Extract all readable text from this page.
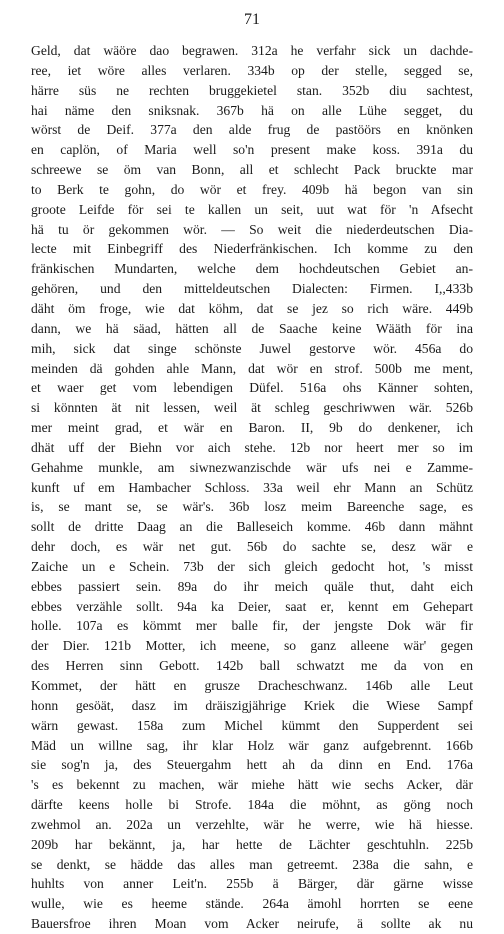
71
Geld, dat wäöre dao begrawen. 312a he verfahr sick un dachde-
ree, iet wöre alles verlaren. 334b op der stelle, segged se,
härre süs ne rechten bruggekietel stan. 352b diu sachtest,
hai näme den sniksnak. 367b hä on alle Lühe segget, du
wörst de Deif. 377a den alde frug de pastöörs en knönken
en caplön, of Maria well so'n present make koss. 391a du
schreewe se öm van Bonn, all et schlecht Pack bruckte mar
to Berk te gohn, do wör et frey. 409b hä begon van sin
groote Leifde för sei te kallen un seit, uut wat för 'n Afsecht
hä tu ör gekommen wör. — So weit die niederdeutschen Dia-
lecte mit Einbegriff des Niederfränkischen. Ich komme zu den
fränkischen Mundarten, welche dem hochdeutschen Gebiet an-
gehören, und den mitteldeutschen Dialecten: Firmen. I,,433b
däht öm froge, wie dat köhm, dat se jez so rich wäre. 449b
dann, we hä säad, hätten all de Saache keine Wääth för ina
mih, sick dat singe schönste Juwel gestorve wör. 456a do
meinden dä gohden ahle Mann, dat wör en strof. 500b me ment,
et waer get vom lebendigen Düfel. 516a ohs Känner sohten,
si könnten ät nit lessen, weil ät schleg geschriwwen wär. 526b
mer meint grad, et wär en Baron. II, 9b do denkener, ich
dhät uff der Biehn vor aich stehe. 12b nor heert mer so im
Gehahme munkle, am siwnezwanzischde wär ufs nei e Zamme-
kunft uf em Hambacher Schloss. 33a weil ehr Mann an Schütz
is, se mant se, se wär's. 36b losz meim Bareenche sage, es
sollt de dritte Daag an die Balleseich komme. 46b dann mähnt
dehr doch, es wär net gut. 56b do sachte se, desz wär e
Zaiche un e Schein. 73b der sich gleich gedocht hot, 's misst
ebbes passiert sein. 89a do ihr meich quäle thut, daht eich
ebbes verzähle sollt. 94a ka Deier, saat er, kennt em Gehepart
holle. 107a es kömmt mer balle fir, der jengste Dok wär fir
der Dier. 121b Motter, ich meene, so ganz alleene wär' gegen
des Herren sinn Gebott. 142b ball schwatzt me da von en
Kommet, der hätt en grusze Dracheschwanz. 146b alle Leut
honn gesöät, dasz im dräiszigjährige Kriek die Wiese Sampf
wärn gewast. 158a zum Michel kümmt den Supperdent sei
Mäd un willne sag, ihr klar Holz wär ganz aufgebrennt. 166b
sie sog'n ja, des Steuergahm hett ah da dinn en End. 176a
's es bekennt zu machen, wär miehe hätt wie sechs Acker, där
därfte keens holle bi Strofe. 184a die möhnt, as göng noch
zwehmol an. 202a un verzehlte, wär he werre, wie hä hiesse.
209b har bekännt, ja, har hette de Lächter geschtuhln. 225b
se denkt, se hädde das alles man getreemt. 238a die sahn, e
huhlts von anner Leit'n. 255b ä Bärger, där gärne wisse
wulle, wie es heeme stände. 264a ämohl horrten se eene
Bauersfroe ihren Moan vom Acker neirufe, ä sollte ak nu
